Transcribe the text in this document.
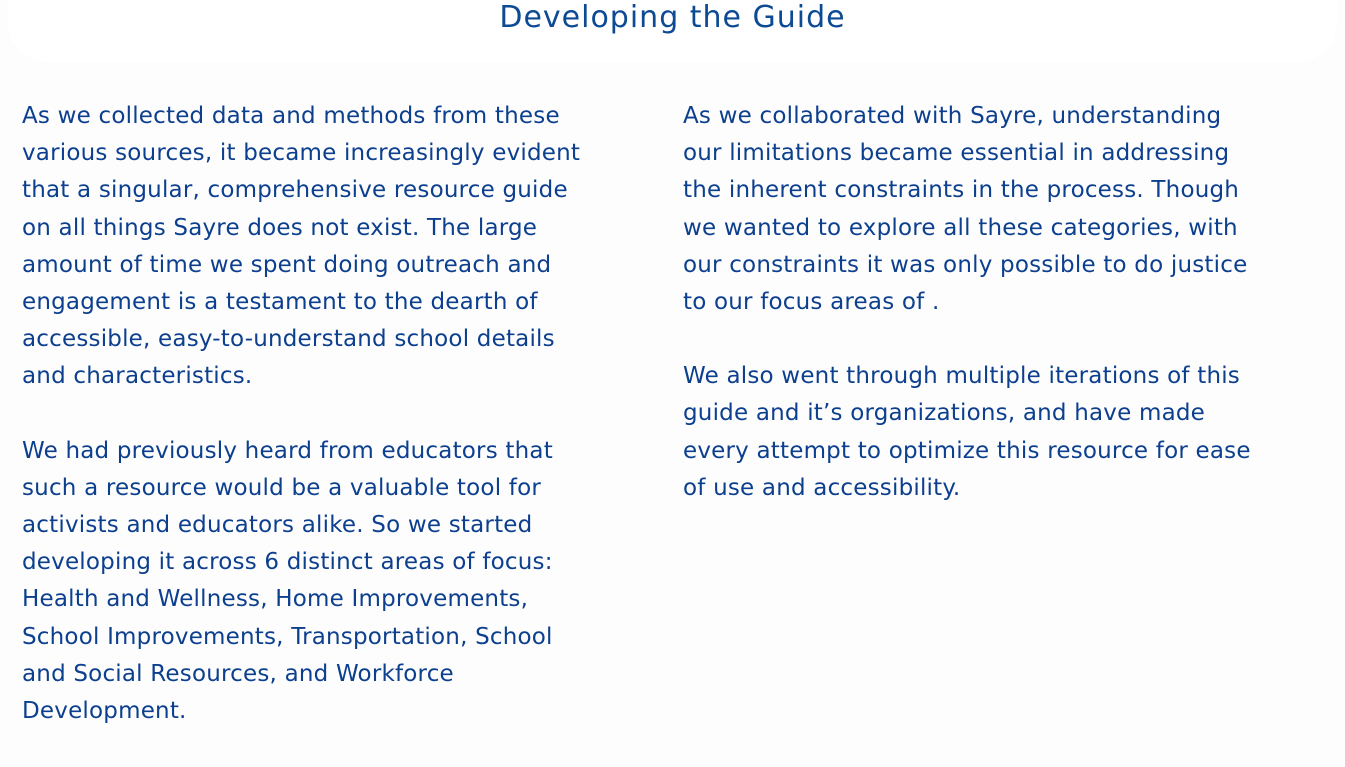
Developing the Guide

As we collected data and methods from these
various sources, it became increasingly evident
that a singular, comprehensive resource guide
on all things Sayre does not exist. The large
amount of time we spent doing outreach and
engagement is a testament to the dearth of
accessible, easy-to-understand school details
and characteristics.

We had previously heard from educators that
such a resource would be a valuable tool for
activists and educators alike. So we started
developing it across 6 distinct areas of focus:
Health and Wellness, Home Improvements,
School Improvements, Transportation, School
and Social Resources, and Workforce
Development.

As we collaborated with Sayre, understanding
our limitations became essential in addressing
the inherent constraints in the process. Though
we wanted to explore all these categories, with
our constraints it was only possible to do justice
to our focus areas of .

We also went through multiple iterations of this
guide and it’s organizations, and have made
every attempt to optimize this resource for ease
of use and accessibility.
